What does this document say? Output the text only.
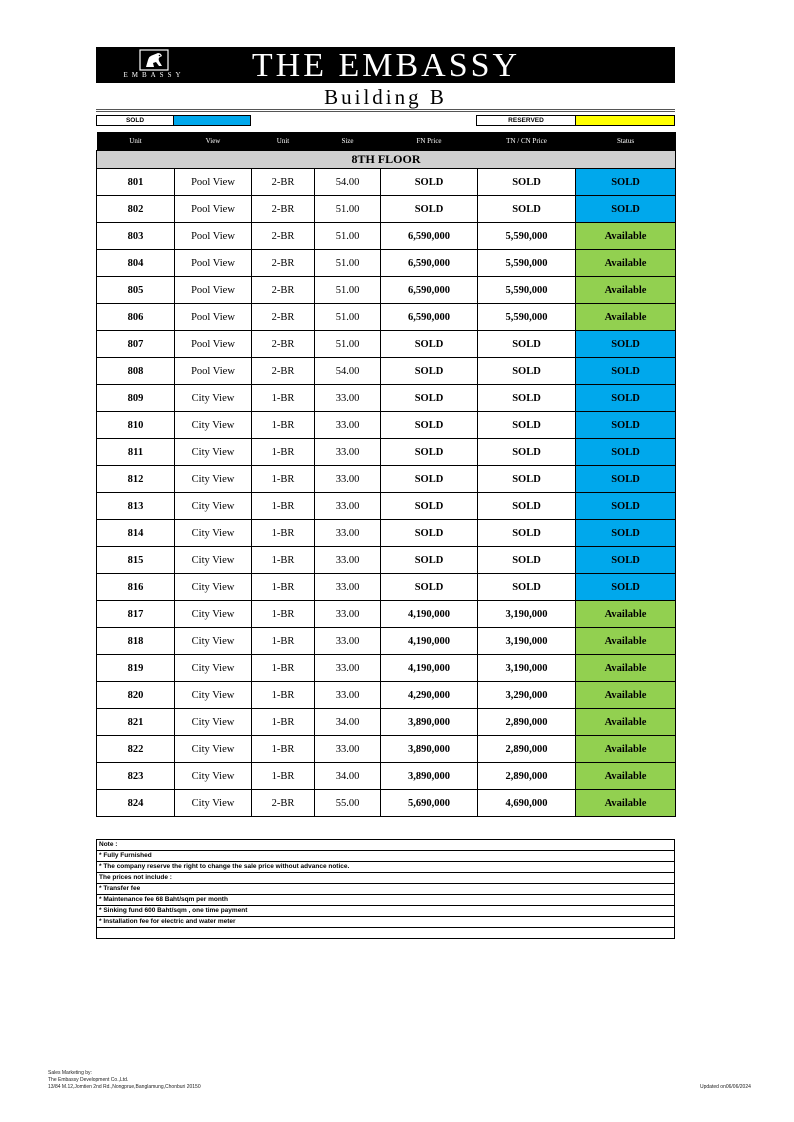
EMBASSY	THE EMBASSY
Building B
SOLD	RESERVED
Unit	View	Unit	Size	FN Price	TN / CN Price	Status
8TH FLOOR						
801	Pool View	2-BR	54.00	SOLD	SOLD	SOLD
802	Pool View	2-BR	51.00	SOLD	SOLD	SOLD
803	Pool View	2-BR	51.00	6,590,000	5,590,000	Available
804	Pool View	2-BR	51.00	6,590,000	5,590,000	Available
805	Pool View	2-BR	51.00	6,590,000	5,590,000	Available
806	Pool View	2-BR	51.00	6,590,000	5,590,000	Available
807	Pool View	2-BR	51.00	SOLD	SOLD	SOLD
808	Pool View	2-BR	54.00	SOLD	SOLD	SOLD
809	City View	1-BR	33.00	SOLD	SOLD	SOLD
810	City View	1-BR	33.00	SOLD	SOLD	SOLD
811	City View	1-BR	33.00	SOLD	SOLD	SOLD
812	City View	1-BR	33.00	SOLD	SOLD	SOLD
813	City View	1-BR	33.00	SOLD	SOLD	SOLD
814	City View	1-BR	33.00	SOLD	SOLD	SOLD
815	City View	1-BR	33.00	SOLD	SOLD	SOLD
816	City View	1-BR	33.00	SOLD	SOLD	SOLD
817	City View	1-BR	33.00	4,190,000	3,190,000	Available
818	City View	1-BR	33.00	4,190,000	3,190,000	Available
819	City View	1-BR	33.00	4,190,000	3,190,000	Available
820	City View	1-BR	33.00	4,290,000	3,290,000	Available
821	City View	1-BR	34.00	3,890,000	2,890,000	Available
822	City View	1-BR	33.00	3,890,000	2,890,000	Available
823	City View	1-BR	34.00	3,890,000	2,890,000	Available
824	City View	2-BR	55.00	5,690,000	4,690,000	Available
Note :
* Fully Furnished
* The company reserve the right to change the sale price without advance notice.
The prices not include :
* Transfer fee
* Maintenance fee 68 Baht/sqm per month
* Sinking fund 600 Baht/sqm , one time payment
* Installation fee for electric and water meter

Sales Marketing by:
The Embassy Development Co.,Ltd.
13/84 M.12,Jomtien 2nd Rd.,Nongprue,Banglamung,Chonburi 20150	Updated on06/06/2024
